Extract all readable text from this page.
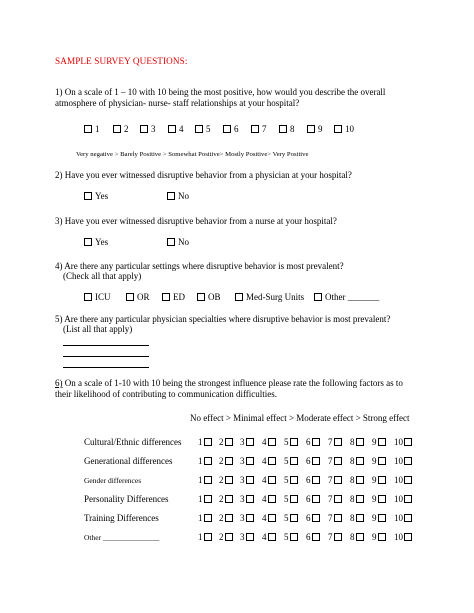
SAMPLE SURVEY QUESTIONS:
1) On a scale of 1 – 10 with 10 being the most positive, how would you describe the overall
atmosphere of physician- nurse- staff relationships at your hospital?
1	2	3	4	5	6	7	8	9	10
Very negative > Barely Positive > Somewhat Positive> Mostly Positive> Very Positive
2) Have you ever witnessed disruptive behavior from a physician at your hospital?
Yes	No
3) Have you ever witnessed disruptive behavior from a nurse at your hospital?
Yes	No
4) Are there any particular settings where disruptive behavior is most prevalent?
(Check all that apply)
ICU	OR	ED	OB	Med-Surg Units	Other _______
5) Are there any particular physician specialties where disruptive behavior is most prevalent?
(List all that apply)
6) On a scale of 1-10 with 10 being the strongest influence please rate the following factors as to
their likelihood of contributing to communication difficulties.
No effect > Minimal effect > Moderate effect > Strong effect
Cultural/Ethnic differences 1	2	3	4	5	6	7	8	9	10
Generational differences	1	2	3	4	5	6	7	8	9	10
Gender differences	1	2	3	4	5	6	7	8	9	10
Personality Differences	1	2	3	4	5	6	7	8	9	10
Training Differences	1	2	3	4	5	6	7	8	9	10
Other _______________	1	2	3	4	5	6	7	8	9	10
